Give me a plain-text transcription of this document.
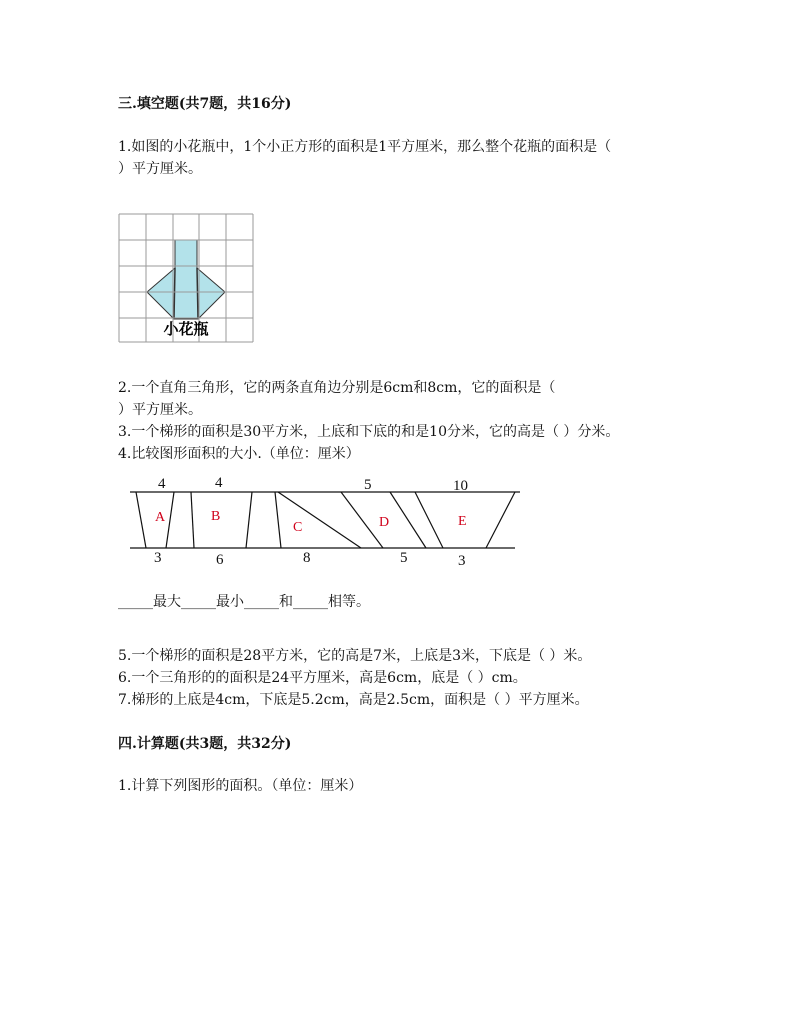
三.填空题(共7题，共16分)
1.如图的小花瓶中，1个小正方形的面积是1平方厘米，那么整个花瓶的面积是（
）平方厘米。
小花瓶
2.一个直角三角形，它的两条直角边分别是6cm和8cm，它的面积是（
）平方厘米。
3.一个梯形的面积是30平方米，上底和下底的和是10分米，它的高是（ ）分米。
4.比较图形面积的大小.（单位：厘米）
4	4	5	10
3	6	8	5	3
A	B
C	D	E
_____最大_____最小_____和_____相等。
5.一个梯形的面积是28平方米，它的高是7米，上底是3米，下底是（ ）米。
6.一个三角形的的面积是24平方厘米，高是6cm，底是（ ）cm。
7.梯形的上底是4cm，下底是5.2cm，高是2.5cm，面积是（ ）平方厘米。
四.计算题(共3题，共32分)
1.计算下列图形的面积。（单位：厘米）
